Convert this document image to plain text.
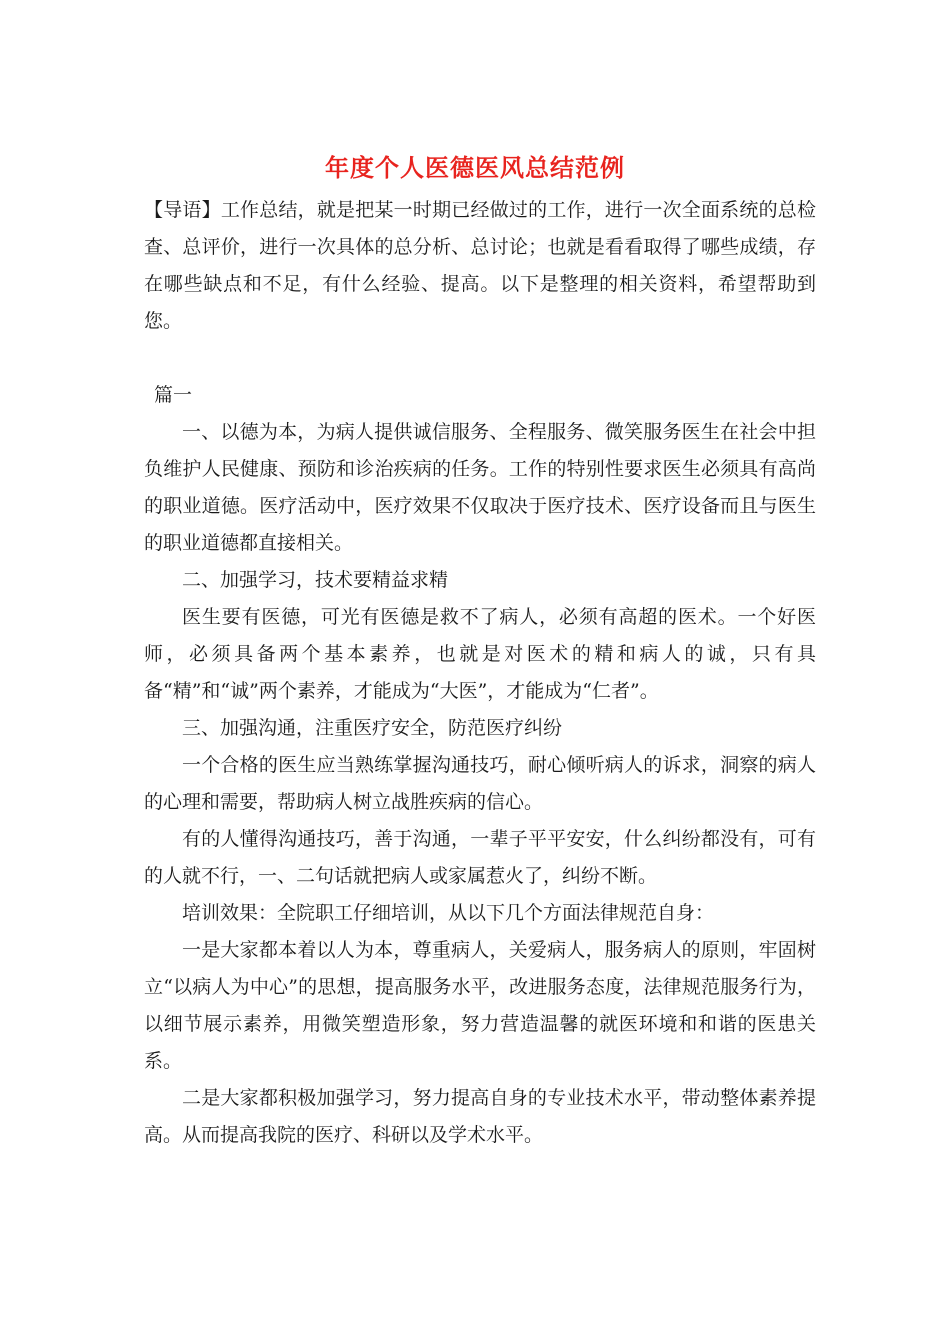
年度个人医德医风总结范例

【导语】工作总结，就是把某一时期已经做过的工作，进行一次全面系统的总检查、总评价，进行一次具体的总分析、总讨论；也就是看看取得了哪些成绩，存在哪些缺点和不足，有什么经验、提高。以下是整理的相关资料，希望帮助到您。

篇一

一、以德为本，为病人提供诚信服务、全程服务、微笑服务医生在社会中担负维护人民健康、预防和诊治疾病的任务。工作的特别性要求医生必须具有高尚的职业道德。医疗活动中，医疗效果不仅取决于医疗技术、医疗设备而且与医生的职业道德都直接相关。

二、加强学习，技术要精益求精

医生要有医德，可光有医德是救不了病人，必须有高超的医术。一个好医师，必须具备两个基本素养，也就是对医术的精和病人的诚，只有具备“精”和“诚”两个素养，才能成为“大医”，才能成为“仁者”。

三、加强沟通，注重医疗安全，防范医疗纠纷

一个合格的医生应当熟练掌握沟通技巧，耐心倾听病人的诉求，洞察的病人的心理和需要，帮助病人树立战胜疾病的信心。

有的人懂得沟通技巧，善于沟通，一辈子平平安安，什么纠纷都没有，可有的人就不行，一、二句话就把病人或家属惹火了，纠纷不断。

培训效果：全院职工仔细培训，从以下几个方面法律规范自身：

一是大家都本着以人为本，尊重病人，关爱病人，服务病人的原则，牢固树立“以病人为中心”的思想，提高服务水平，改进服务态度，法律规范服务行为，以细节展示素养，用微笑塑造形象，努力营造温馨的就医环境和和谐的医患关系。

二是大家都积极加强学习，努力提高自身的专业技术水平，带动整体素养提高。从而提高我院的医疗、科研以及学术水平。
